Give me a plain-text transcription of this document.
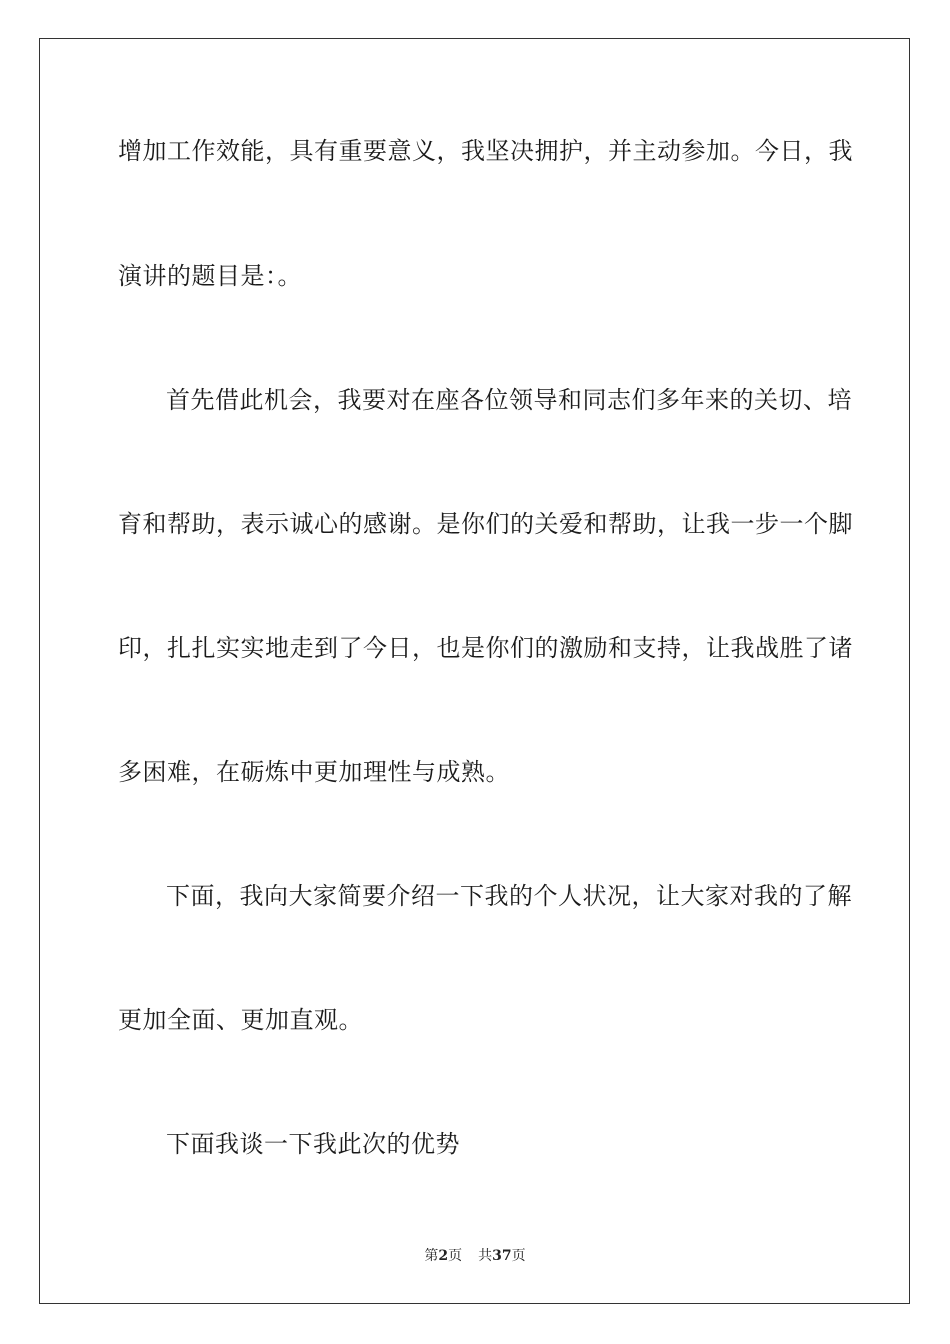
增加工作效能，具有重要意义，我坚决拥护，并主动参加。今日，我
演讲的题目是：。
首先借此机会，我要对在座各位领导和同志们多年来的关切、培
育和帮助，表示诚心的感谢。是你们的关爱和帮助，让我一步一个脚
印，扎扎实实地走到了今日，也是你们的激励和支持，让我战胜了诸
多困难，在砺炼中更加理性与成熟。
下面，我向大家简要介绍一下我的个人状况，让大家对我的了解
更加全面、更加直观。
下面我谈一下我此次的优势
第2页 共37页
